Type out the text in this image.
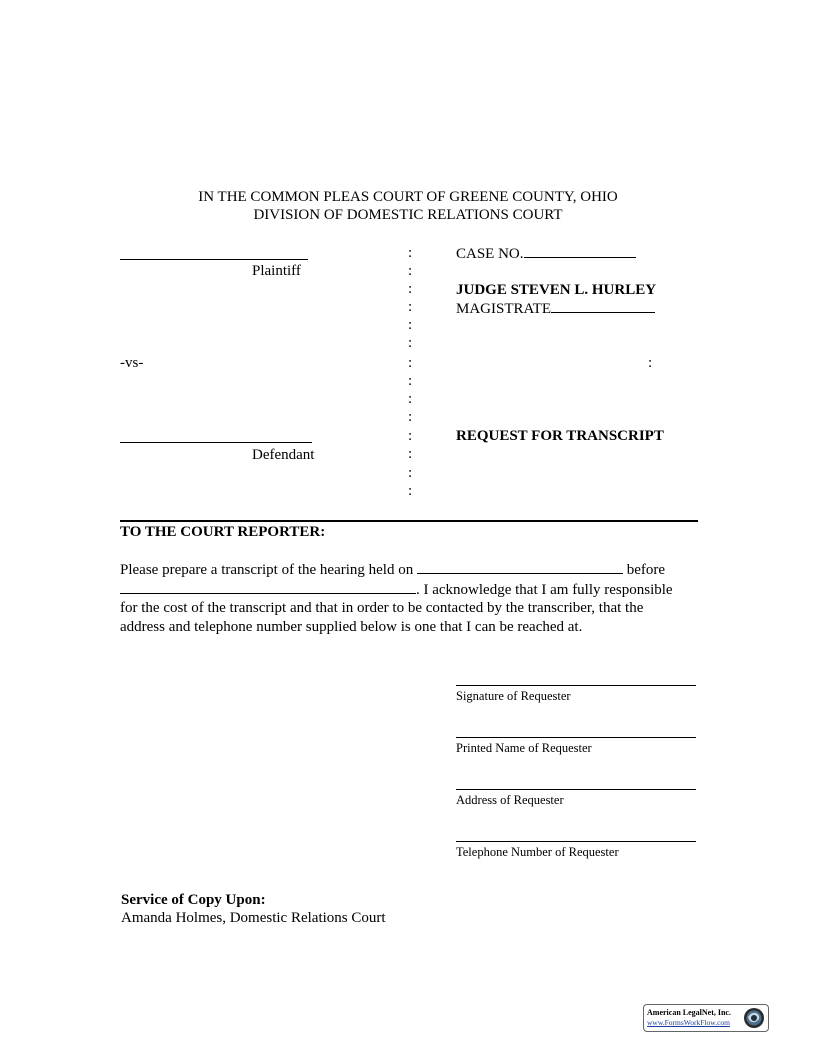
IN THE COMMON PLEAS COURT OF GREENE COUNTY, OHIO
DIVISION OF DOMESTIC RELATIONS COURT
Plaintiff
-vs-
Defendant
:
:
:
:
:
:
:
:
:
:
:
:
:
:
CASE NO.
JUDGE STEVEN L. HURLEY
MAGISTRATE
:
REQUEST FOR TRANSCRIPT
TO THE COURT REPORTER:
Please prepare a transcript of the hearing held on	before
. I acknowledge that I am fully responsible
for the cost of the transcript and that in order to be contacted by the transcriber, that the
address and telephone number supplied below is one that I can be reached at.
Signature of Requester
Printed Name of Requester
Address of Requester
Telephone Number of Requester
Service of Copy Upon:
Amanda Holmes, Domestic Relations Court
American LegalNet, Inc.
www.FormsWorkFlow.com
